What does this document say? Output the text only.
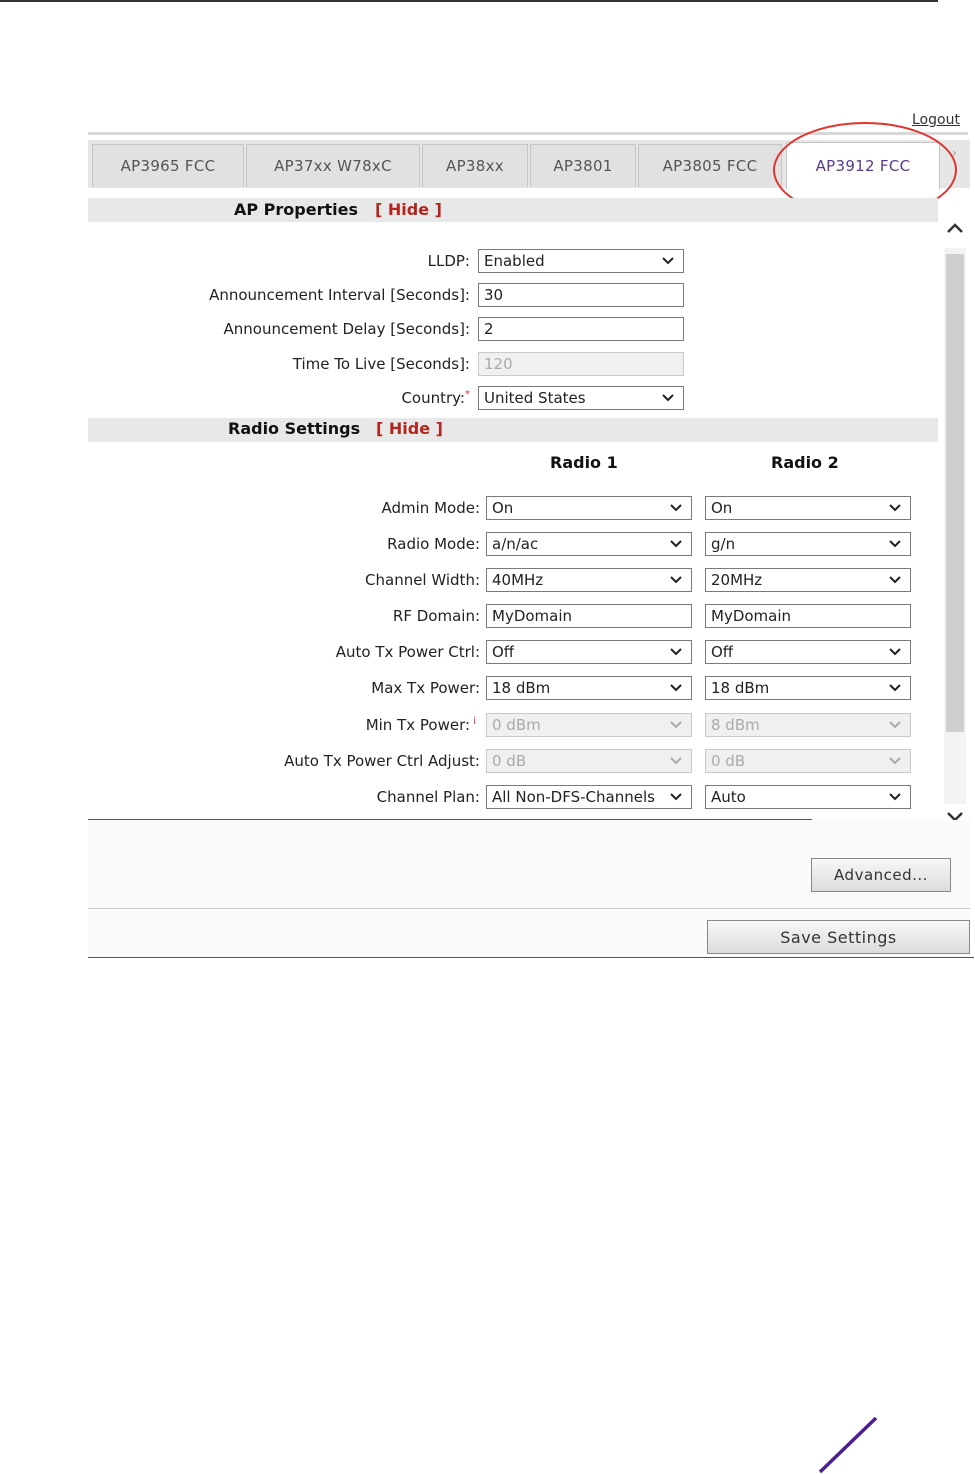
Logout
AP3965 FCC	AP37xx W78xC	AP38xx	AP3801	AP3805 FCC	AP3912 FCC
›
AP Properties [ Hide ]
LLDP: Enabled
Announcement Interval [Seconds]: 30
Announcement Delay [Seconds]: 2
Time To Live [Seconds]: 120
Country:* United States
Radio Settings [ Hide ]
Radio 1	Radio 2
Admin Mode: On	On
Radio Mode: a/n/ac	g/n
Channel Width: 40MHz	20MHz
RF Domain: MyDomain	MyDomain
Auto Tx Power Ctrl: Off	Off
Max Tx Power: 18 dBm	18 dBm
Min Tx Power: $^i$	0 dBm	8 dBm
Auto Tx Power Ctrl Adjust: 0 dB	0 dB
Channel Plan: All Non-DFS-Channels	Auto
Advanced...
Save Settings
